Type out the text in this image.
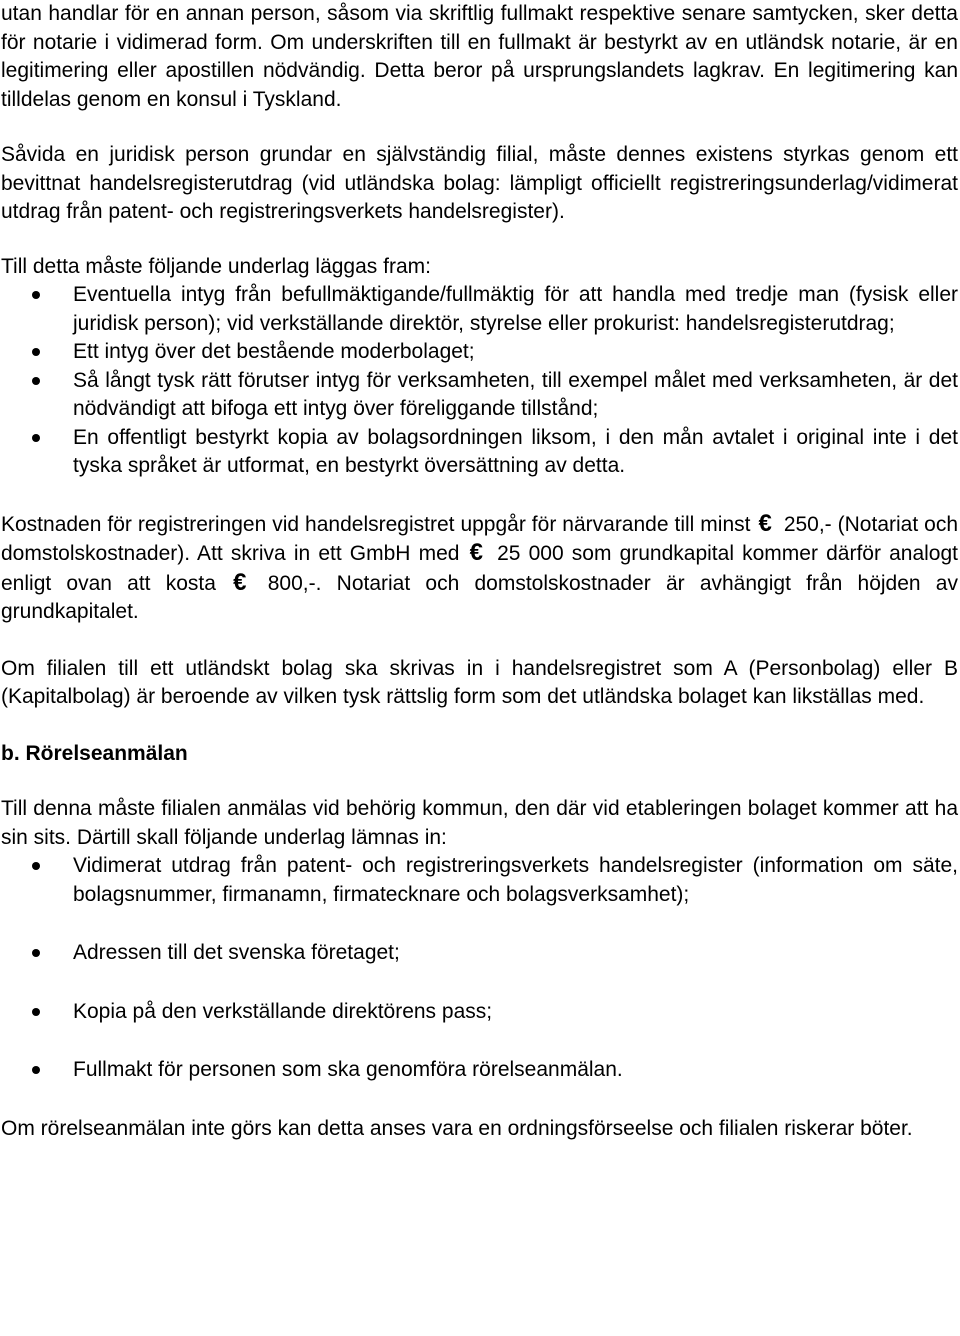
utan handlar för en annan person, såsom via skriftlig fullmakt respektive senare samtycken, sker detta för notarie i vidimerad form. Om underskriften till en fullmakt är bestyrkt av en utländsk notarie, är en legitimering eller apostillen nödvändig. Detta beror på ursprungslandets lagkrav. En legitimering kan tilldelas genom en konsul i Tyskland.

Såvida en juridisk person grundar en självständig filial, måste dennes existens styrkas genom ett bevittnat handelsregisterutdrag (vid utländska bolag: lämpligt officiellt registreringsunderlag/vidimerat utdrag från patent- och registreringsverkets handelsregister).

Till detta måste följande underlag läggas fram:

Eventuella intyg från befullmäktigande/fullmäktig för att handla med tredje man (fysisk eller juridisk person); vid verkställande direktör, styrelse eller prokurist: handelsregisterutdrag;
Ett intyg över det bestående moderbolaget;
Så långt tysk rätt förutser intyg för verksamheten, till exempel målet med verksamheten, är det nödvändigt att bifoga ett intyg över föreliggande tillstånd;
En offentligt bestyrkt kopia av bolagsordningen liksom, i den mån avtalet i original inte i det tyska språket är utformat, en bestyrkt översättning av detta.

Kostnaden för registreringen vid handelsregistret uppgår för närvarande till minst € 250,- (Notariat och domstolskostnader). Att skriva in ett GmbH med € 25 000 som grundkapital kommer därför analogt enligt ovan att kosta € 800,-. Notariat och domstolskostnader är avhängigt från höjden av grundkapitalet.

Om filialen till ett utländskt bolag ska skrivas in i handelsregistret som A (Personbolag) eller B (Kapitalbolag) är beroende av vilken tysk rättslig form som det utländska bolaget kan likställas med.

b. Rörelseanmälan

Till denna måste filialen anmälas vid behörig kommun, den där vid etableringen bolaget kommer att ha sin sits. Därtill skall följande underlag lämnas in:

Vidimerat utdrag från patent- och registreringsverkets handelsregister (information om säte, bolagsnummer, firmanamn, firmatecknare och bolagsverksamhet);
Adressen till det svenska företaget;
Kopia på den verkställande direktörens pass;
Fullmakt för personen som ska genomföra rörelseanmälan.

Om rörelseanmälan inte görs kan detta anses vara en ordningsförseelse och filialen riskerar böter.
